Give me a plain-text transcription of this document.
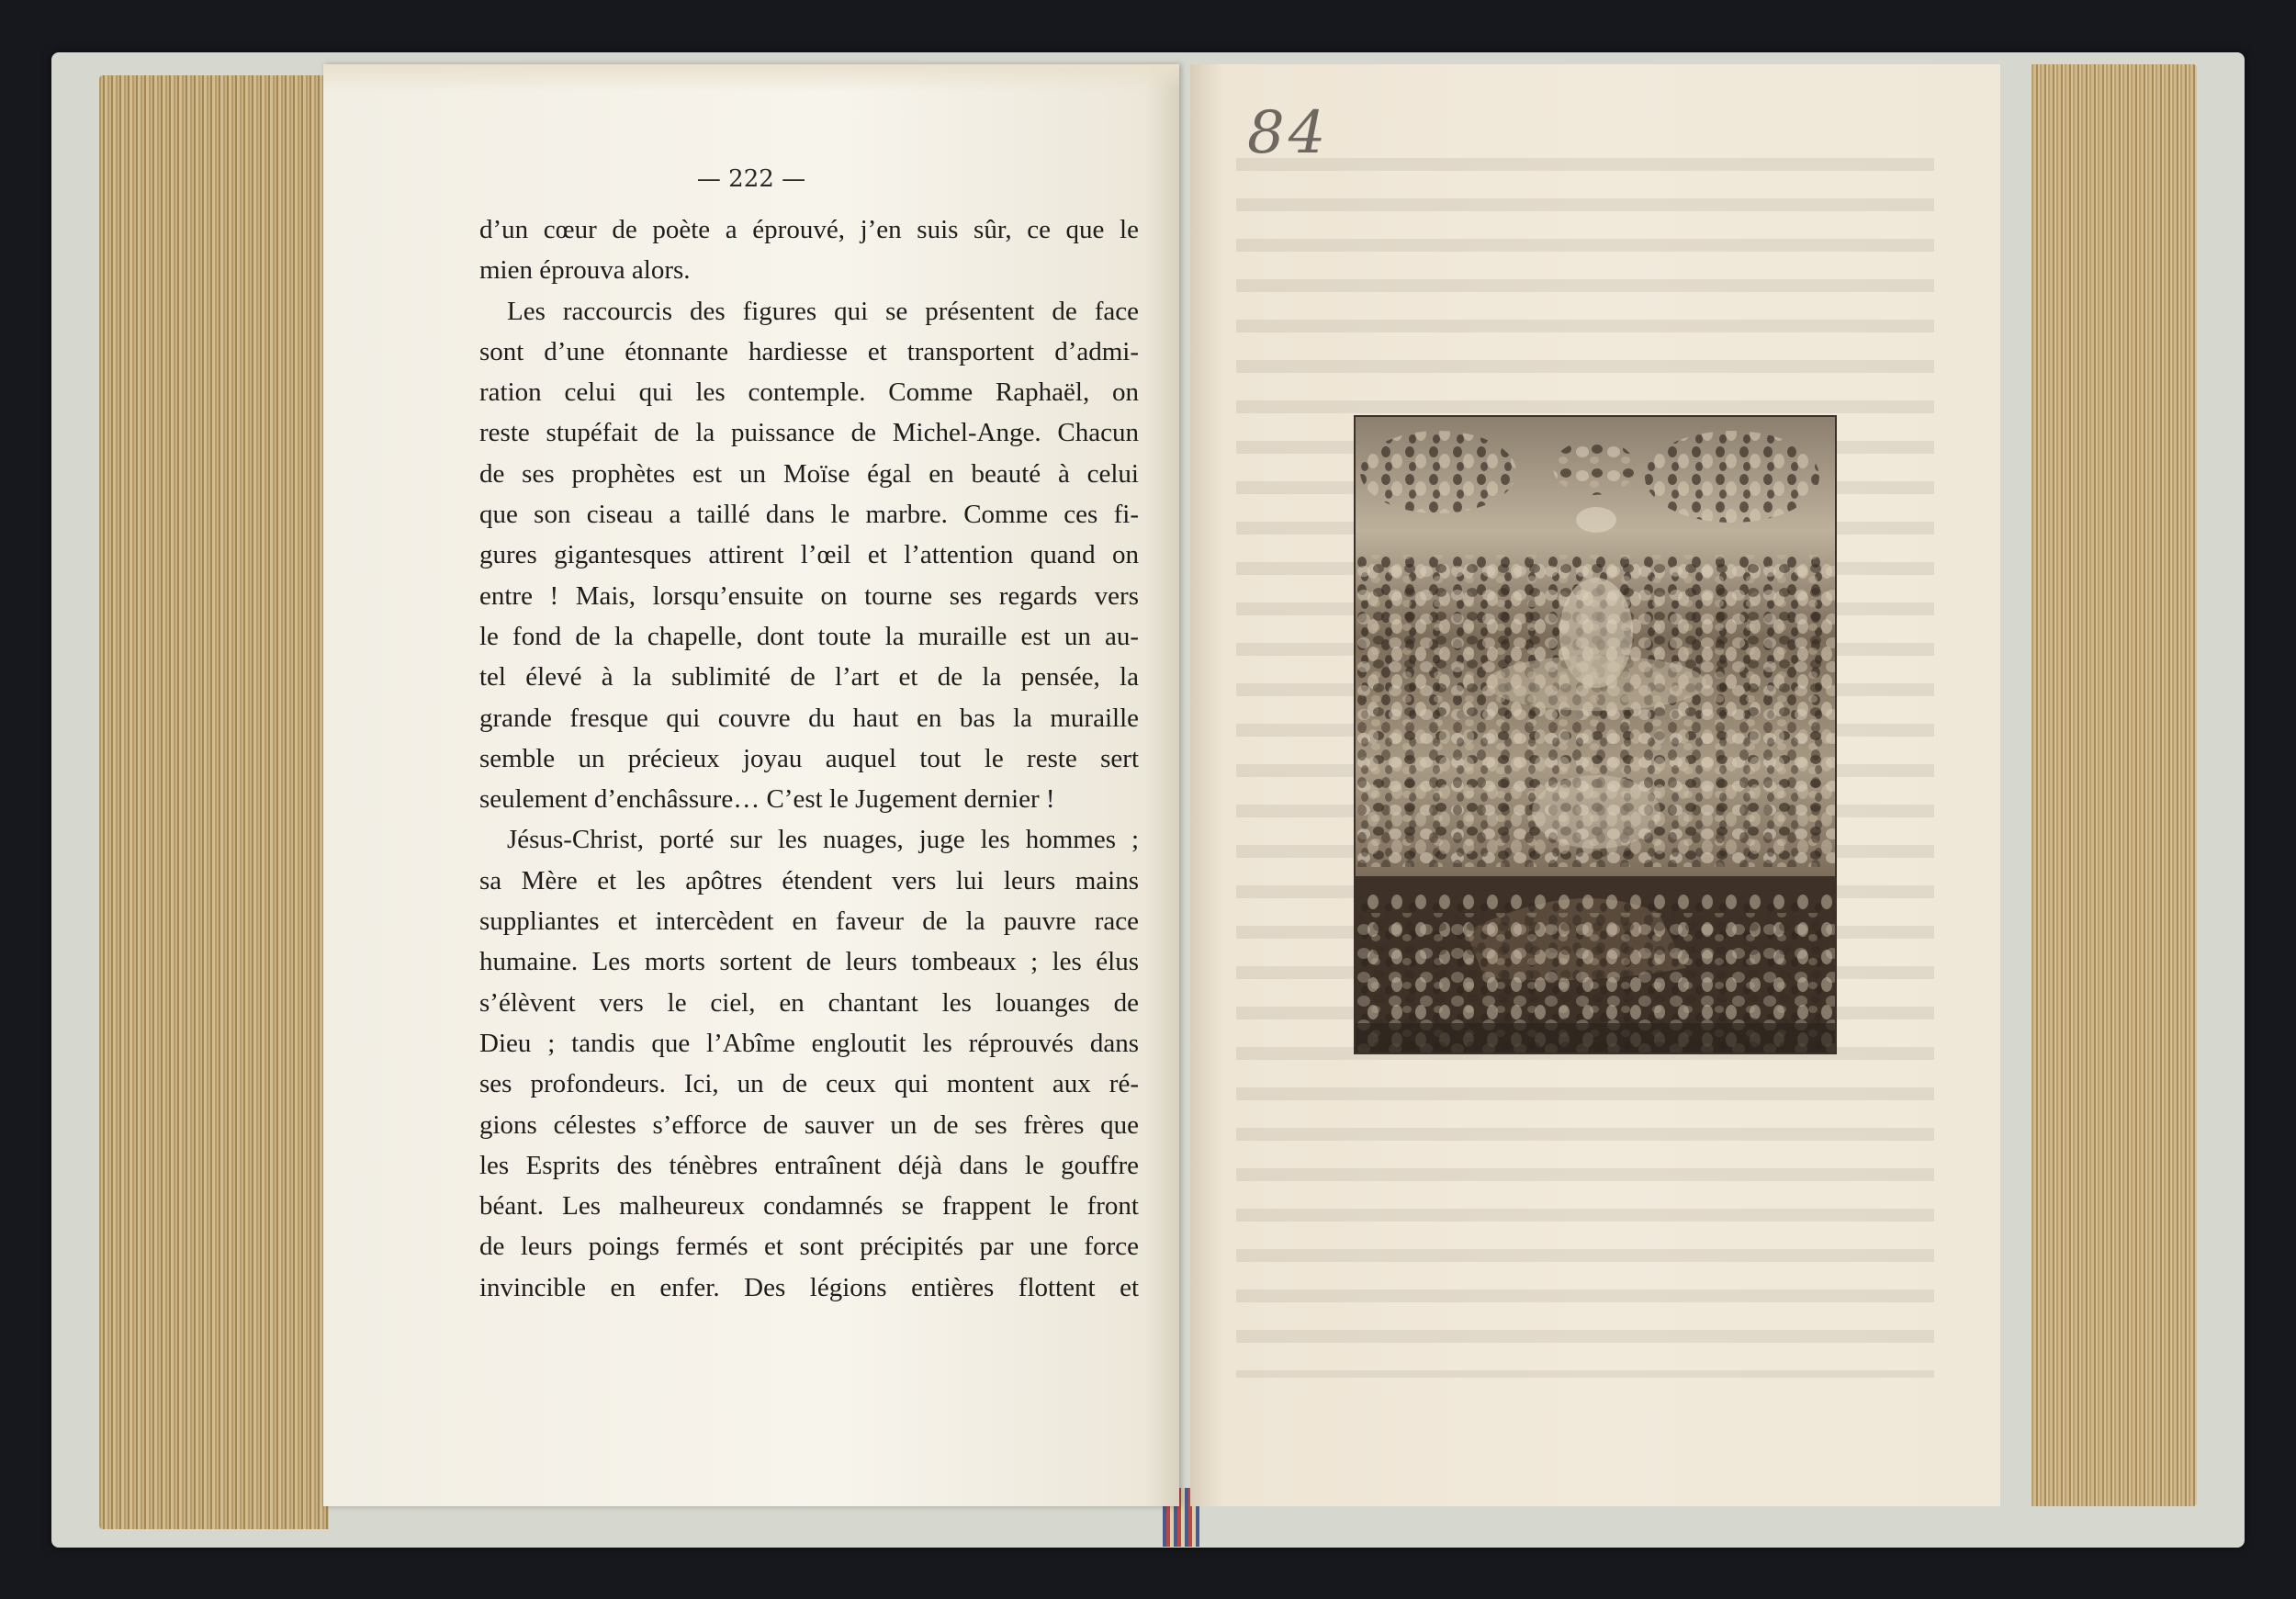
— 222 —
d’un cœur de poète a éprouvé, j’en suis sûr, ce que le
mien éprouva alors.
Les raccourcis des figures qui se présentent de face
sont d’une étonnante hardiesse et transportent d’admi-
ration celui qui les contemple. Comme Raphaël, on
reste stupéfait de la puissance de Michel-Ange. Chacun
de ses prophètes est un Moïse égal en beauté à celui
que son ciseau a taillé dans le marbre. Comme ces fi-
gures gigantesques attirent l’œil et l’attention quand on
entre ! Mais, lorsqu’ensuite on tourne ses regards vers
le fond de la chapelle, dont toute la muraille est un au-
tel élevé à la sublimité de l’art et de la pensée, la
grande fresque qui couvre du haut en bas la muraille
semble un précieux joyau auquel tout le reste sert
seulement d’enchâssure… C’est le Jugement dernier !
Jésus-Christ, porté sur les nuages, juge les hommes ;
sa Mère et les apôtres étendent vers lui leurs mains
suppliantes et intercèdent en faveur de la pauvre race
humaine. Les morts sortent de leurs tombeaux ; les élus
s’élèvent vers le ciel, en chantant les louanges de
Dieu ; tandis que l’Abîme engloutit les réprouvés dans
ses profondeurs. Ici, un de ceux qui montent aux ré-
gions célestes s’efforce de sauver un de ses frères que
les Esprits des ténèbres entraînent déjà dans le gouffre
béant. Les malheureux condamnés se frappent le front
de leurs poings fermés et sont précipités par une force
invincible en enfer. Des légions entières flottent et
84
